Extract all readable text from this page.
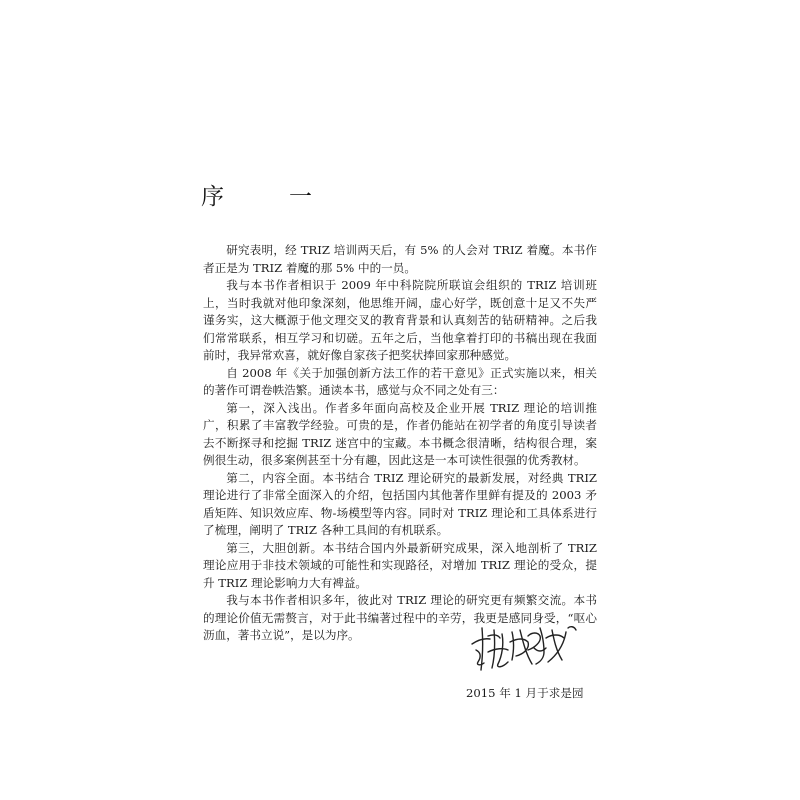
序　一

研究表明，经 TRIZ 培训两天后，有 5% 的人会对 TRIZ 着魔。本书作者正是为 TRIZ 着魔的那 5% 中的一员。

我与本书作者相识于 2009 年中科院院所联谊会组织的 TRIZ 培训班上，当时我就对他印象深刻，他思维开阔，虚心好学，既创意十足又不失严谨务实，这大概源于他文理交叉的教育背景和认真刻苦的钻研精神。之后我们常常联系，相互学习和切磋。五年之后，当他拿着打印的书稿出现在我面前时，我异常欢喜，就好像自家孩子把奖状捧回家那种感觉。

自 2008 年《关于加强创新方法工作的若干意见》正式实施以来，相关的著作可谓卷帙浩繁。通读本书，感觉与众不同之处有三：

第一，深入浅出。作者多年面向高校及企业开展 TRIZ 理论的培训推广，积累了丰富教学经验。可贵的是，作者仍能站在初学者的角度引导读者去不断探寻和挖掘 TRIZ 迷宫中的宝藏。本书概念很清晰，结构很合理，案例很生动，很多案例甚至十分有趣，因此这是一本可读性很强的优秀教材。

第二，内容全面。本书结合 TRIZ 理论研究的最新发展，对经典 TRIZ 理论进行了非常全面深入的介绍，包括国内其他著作里鲜有提及的 2003 矛盾矩阵、知识效应库、物-场模型等内容。同时对 TRIZ 理论和工具体系进行了梳理，阐明了 TRIZ 各种工具间的有机联系。

第三，大胆创新。本书结合国内外最新研究成果，深入地剖析了 TRIZ 理论应用于非技术领域的可能性和实现路径，对增加 TRIZ 理论的受众，提升 TRIZ 理论影响力大有裨益。

我与本书作者相识多年，彼此对 TRIZ 理论的研究更有频繁交流。本书的理论价值无需赘言，对于此书编著过程中的辛劳，我更是感同身受，“呕心沥血，著书立说”，是以为序。

2015 年 1 月于求是园
